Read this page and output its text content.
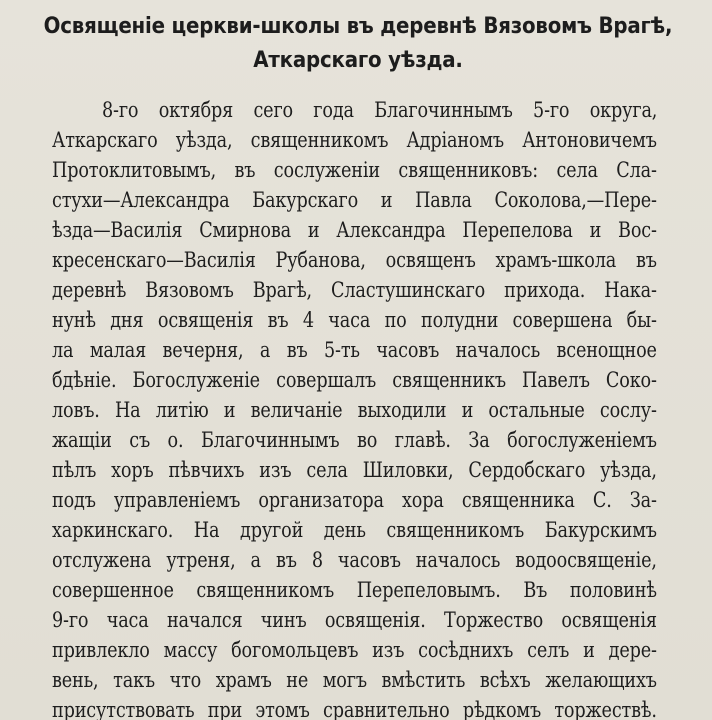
‌ ‌ ‌ ‌ ‌ ‌ ‌ ‌ ‌ ‌ ‌ ‌ ‌ ‌ ‌ ‌
‌ ‌ ‌ ‌ ‌ ‌ ‌ ‌ ‌ ‌ ‌ ‌ ‌ ‌ ‌ ‌

Освященіе церкви-школы въ деревнѣ Вязовомъ Врагѣ,
Аткарскаго уѣзда.
8-го октября сего года Благочиннымъ 5-го округа,
Аткарскаго уѣзда, священникомъ Адріаномъ Антоновичемъ
Протоклитовымъ, въ сослуженіи священниковъ: села Сла-
стухи—Александра Бакурскаго и Павла Соколова,—Пере-
ѣзда—Василія Смирнова и Александра Перепелова и Вос-
кресенскаго—Василія Рубанова, освященъ храмъ-школа въ
деревнѣ Вязовомъ Врагѣ, Сластушинскаго прихода. Нака-
нунѣ дня освященія въ 4 часа по полудни совершена бы-
ла малая вечерня, а въ 5-ть часовъ началось всенощное
бдѣніе. Богослуженіе совершалъ священникъ Павелъ Соко-
ловъ. На литію и величаніе выходили и остальные сослу-
жащіи съ о. Благочиннымъ во главѣ. За богослуженіемъ
пѣлъ хоръ пѣвчихъ изъ села Шиловки, Сердобскаго уѣзда,
подъ управленіемъ организатора хора священника С. За-
харкинскаго. На другой день священникомъ Бакурскимъ
отслужена утреня, а въ 8 часовъ началось водоосвященіе,
совершенное священникомъ Перепеловымъ. Въ половинѣ
9-го часа начался чинъ освященія. Торжество освященія
привлекло массу богомольцевъ изъ сосѣднихъ селъ и дере-
вень, такъ что храмъ не могъ вмѣстить всѣхъ желающихъ
присутствовать при этомъ сравнительно рѣдкомъ торжествѣ.
